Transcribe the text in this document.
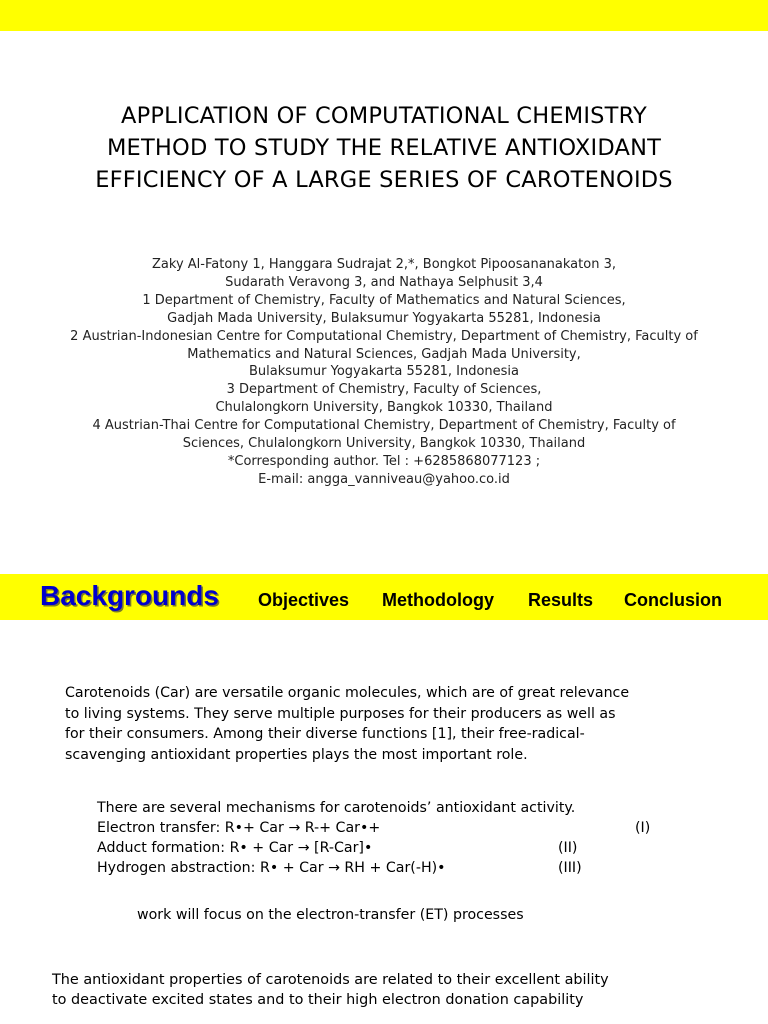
APPLICATION OF COMPUTATIONAL CHEMISTRY
METHOD TO STUDY THE RELATIVE ANTIOXIDANT
EFFICIENCY OF A LARGE SERIES OF CAROTENOIDS
Zaky Al-Fatony 1, Hanggara Sudrajat 2,*, Bongkot Pipoosananakaton 3,
Sudarath Veravong 3, and Nathaya Selphusit 3,4
1 Department of Chemistry, Faculty of Mathematics and Natural Sciences,
Gadjah Mada University, Bulaksumur Yogyakarta 55281, Indonesia
2 Austrian-Indonesian Centre for Computational Chemistry, Department of Chemistry, Faculty of
Mathematics and Natural Sciences, Gadjah Mada University,
Bulaksumur Yogyakarta 55281, Indonesia
3 Department of Chemistry, Faculty of Sciences,
Chulalongkorn University, Bangkok 10330, Thailand
4 Austrian-Thai Centre for Computational Chemistry, Department of Chemistry, Faculty of
Sciences, Chulalongkorn University, Bangkok 10330, Thailand
*Corresponding author. Tel : +6285868077123 ;
E-mail: angga_vanniveau@yahoo.co.id
Backgrounds Objectives Methodology Results Conclusion
Carotenoids (Car) are versatile organic molecules, which are of great relevance
to living systems. They serve multiple purposes for their producers as well as
for their consumers. Among their diverse functions [1], their free-radical-
scavenging antioxidant properties plays the most important role.
There are several mechanisms for carotenoids’ antioxidant activity.
Electron transfer: R•+ Car → R-+ Car•+	(I)
Adduct formation: R• + Car → [R-Car]•	(II)
Hydrogen abstraction: R• + Car → RH + Car(-H)•	(III)
work will focus on the electron-transfer (ET) processes
The antioxidant properties of carotenoids are related to their excellent ability
to deactivate excited states and to their high electron donation capability
